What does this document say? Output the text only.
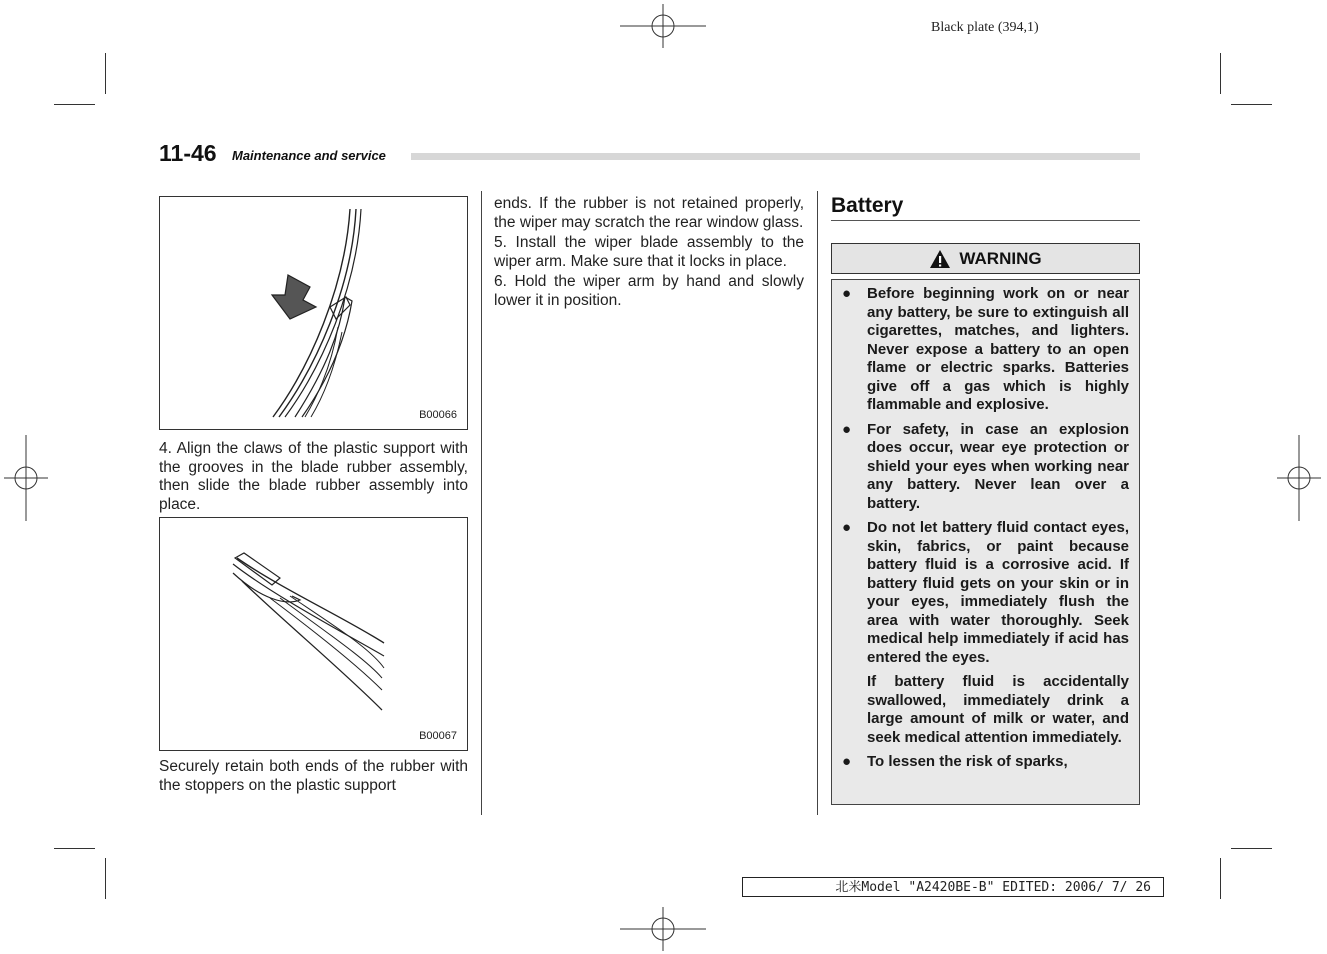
Black plate (394,1)
11-46 Maintenance and service
B00066

4. Align the claws of the plastic support with the grooves in the blade rubber assembly, then slide the blade rubber assembly into place.

B00067

Securely retain both ends of the rubber with the stoppers on the plastic support

ends. If the rubber is not retained properly, the wiper may scratch the rear window glass.

5. Install the wiper blade assembly to the wiper arm. Make sure that it locks in place.

6. Hold the wiper arm by hand and slowly lower it in position.

Battery
WARNING

● Before beginning work on or near any battery, be sure to extinguish all cigarettes, matches, and lighters. Never expose a battery to an open flame or electric sparks. Batteries give off a gas which is highly flammable and explosive.

● For safety, in case an explosion does occur, wear eye protection or shield your eyes when working near any battery. Never lean over a battery.

● Do not let battery fluid contact eyes, skin, fabrics, or paint because battery fluid is a corrosive acid. If battery fluid gets on your skin or in your eyes, immediately flush the area with water thoroughly. Seek medical help immediately if acid has entered the eyes.

If battery fluid is accidentally swallowed, immediately drink a large amount of milk or water, and seek medical attention immediately.

● To lessen the risk of sparks,

北米Model "A2420BE-B" EDITED: 2006/ 7/ 26
